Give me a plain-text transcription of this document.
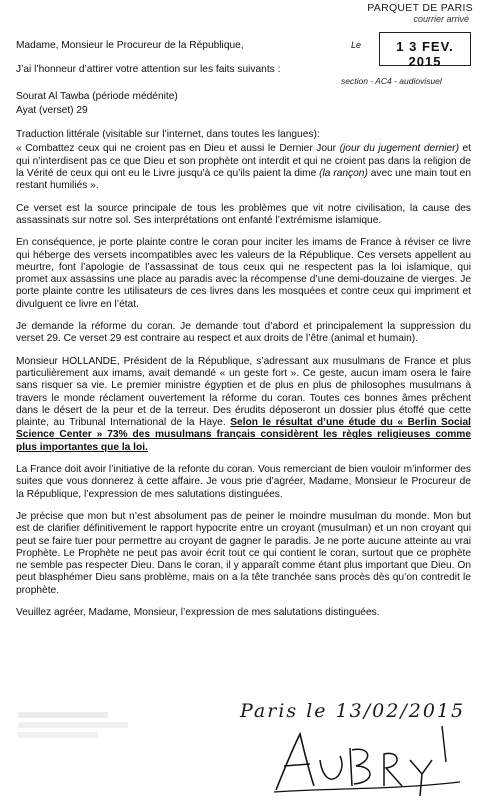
PARQUET DE PARIS
courrier arrivé
Le	1 3 FEV. 2015
section - AC4 - audiovisuel

Madame, Monsieur le Procureur de la République,

J’ai l’honneur d’attirer votre attention sur les faits suivants :

Sourat Al Tawba (période médénite)

Ayat (verset) 29

Traduction littérale (visitable sur l’internet, dans toutes les langues):

« Combattez ceux qui ne croient pas en Dieu et aussi le Dernier Jour (jour du jugement dernier) et qui n’interdisent pas ce que Dieu et son prophète ont interdit et qui ne croient pas dans la religion de la Vérité de ceux qui ont eu le Livre jusqu’à ce qu’ils paient la dime (la rançon) avec une main tout en restant humiliés ».

Ce verset est la source principale de tous les problèmes que vit notre civilisation, la cause des assassinats sur notre sol. Ses interprétations ont enfanté l’extrémisme islamique.

En conséquence, je porte plainte contre le coran pour inciter les imams de France à réviser ce livre qui héberge des versets incompatibles avec les valeurs de la République. Ces versets appellent au meurtre, font l’apologie de l’assassinat de tous ceux qui ne respectent pas la loi islamique, qui promet aux assassins une place au paradis avec la récompense d’une demi-douzaine de vierges. Je porte plainte contre les utilisateurs de ces livres dans les mosquées et contre ceux qui impriment et divulguent ce livre en l’état.

Je demande la réforme du coran. Je demande tout d’abord et principalement la suppression du verset 29. Ce verset 29 est contraire au respect et aux droits de l’être (animal et humain).

Monsieur HOLLANDE, Président de la République, s’adressant aux musulmans de France et plus particulièrement aux imams, avait demandé « un geste fort ». Ce geste, aucun imam osera le faire sans risquer sa vie. Le premier ministre égyptien et de plus en plus de philosophes musulmans à travers le monde réclament ouvertement la réforme du coran. Toutes ces bonnes âmes prêchent dans le désert de la peur et de la terreur. Des érudits déposeront un dossier plus étoffé que cette plainte, au Tribunal International de la Haye. Selon le résultat d’une étude du « Berlin Social Science Center » 73% des musulmans français considèrent les règles religieuses comme plus importantes que la loi.

La France doit avoir l’initiative de la refonte du coran. Vous remerciant de bien vouloir m’informer des suites que vous donnerez à cette affaire. Je vous prie d’agréer, Madame, Monsieur le Procureur de la République, l’expression de mes salutations distinguées.

Je précise que mon but n’est absolument pas de peiner le moindre musulman du monde. Mon but est de clarifier définitivement le rapport hypocrite entre un croyant (musulman) et un non croyant qui peut se faire tuer pour permettre au croyant de gagner le paradis. Je ne porte aucune atteinte au vrai Prophète. Le Prophète ne peut pas avoir écrit tout ce qui contient le coran, surtout que ce prophète ne semble pas respecter Dieu. Dans le coran, il y apparaît comme étant plus important que Dieu. On peut blasphémer Dieu sans problème, mais on a la tête tranchée sans procès dès qu’on contredit le prophète.

Veuillez agréer, Madame, Monsieur, l’expression de mes salutations distinguées.

Paris le 13/02/2015
